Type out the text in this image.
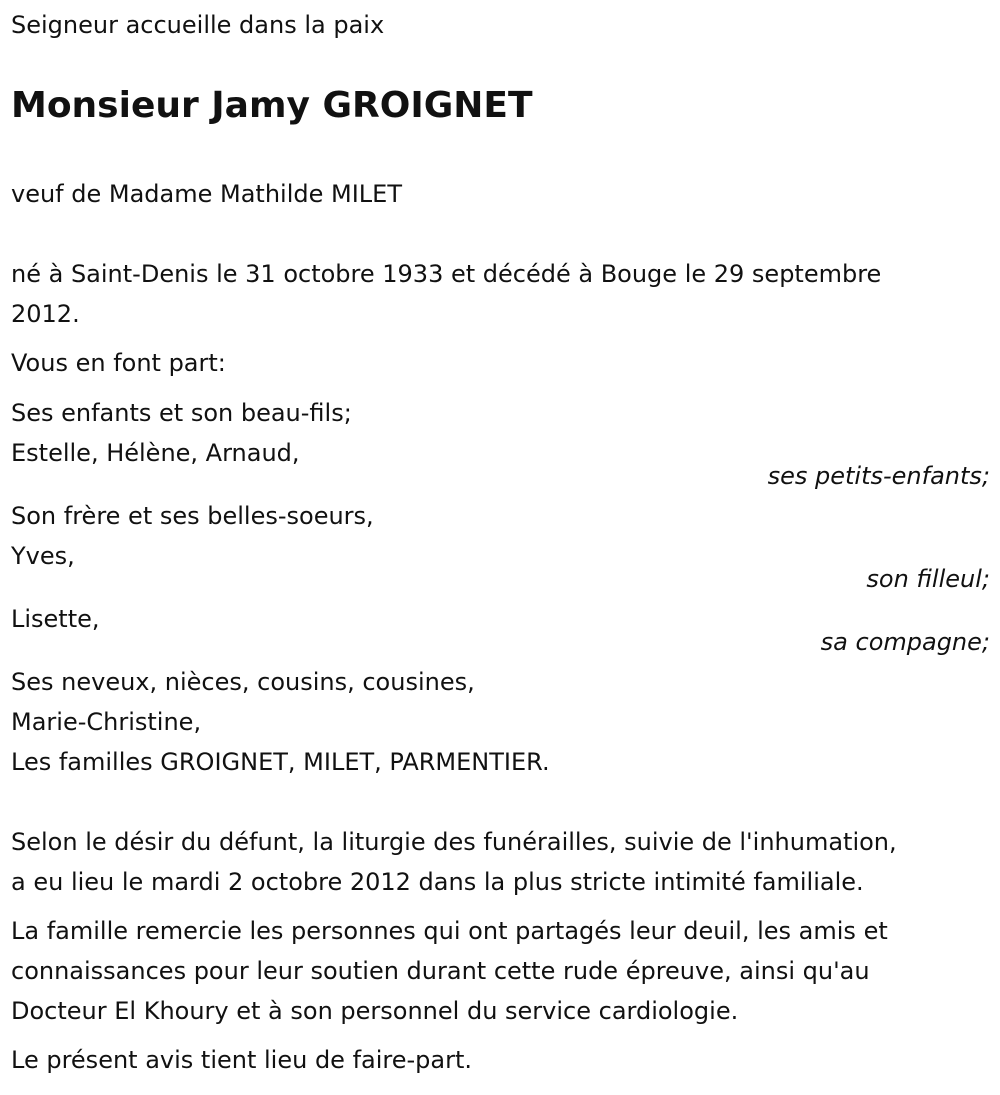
Seigneur accueille dans la paix
Monsieur Jamy GROIGNET
veuf de Madame Mathilde MILET
né à Saint-Denis le 31 octobre 1933 et décédé à Bouge le 29 septembre
2012.
Vous en font part:
Ses enfants et son beau-fils;
Estelle, Hélène, Arnaud,
ses petits-enfants;
Son frère et ses belles-soeurs,
Yves,
son filleul;
Lisette,
sa compagne;
Ses neveux, nièces, cousins, cousines,
Marie-Christine,
Les familles GROIGNET, MILET, PARMENTIER.
Selon le désir du défunt, la liturgie des funérailles, suivie de l'inhumation,
a eu lieu le mardi 2 octobre 2012 dans la plus stricte intimité familiale.
La famille remercie les personnes qui ont partagés leur deuil, les amis et
connaissances pour leur soutien durant cette rude épreuve, ainsi qu'au
Docteur El Khoury et à son personnel du service cardiologie.
Le présent avis tient lieu de faire-part.
